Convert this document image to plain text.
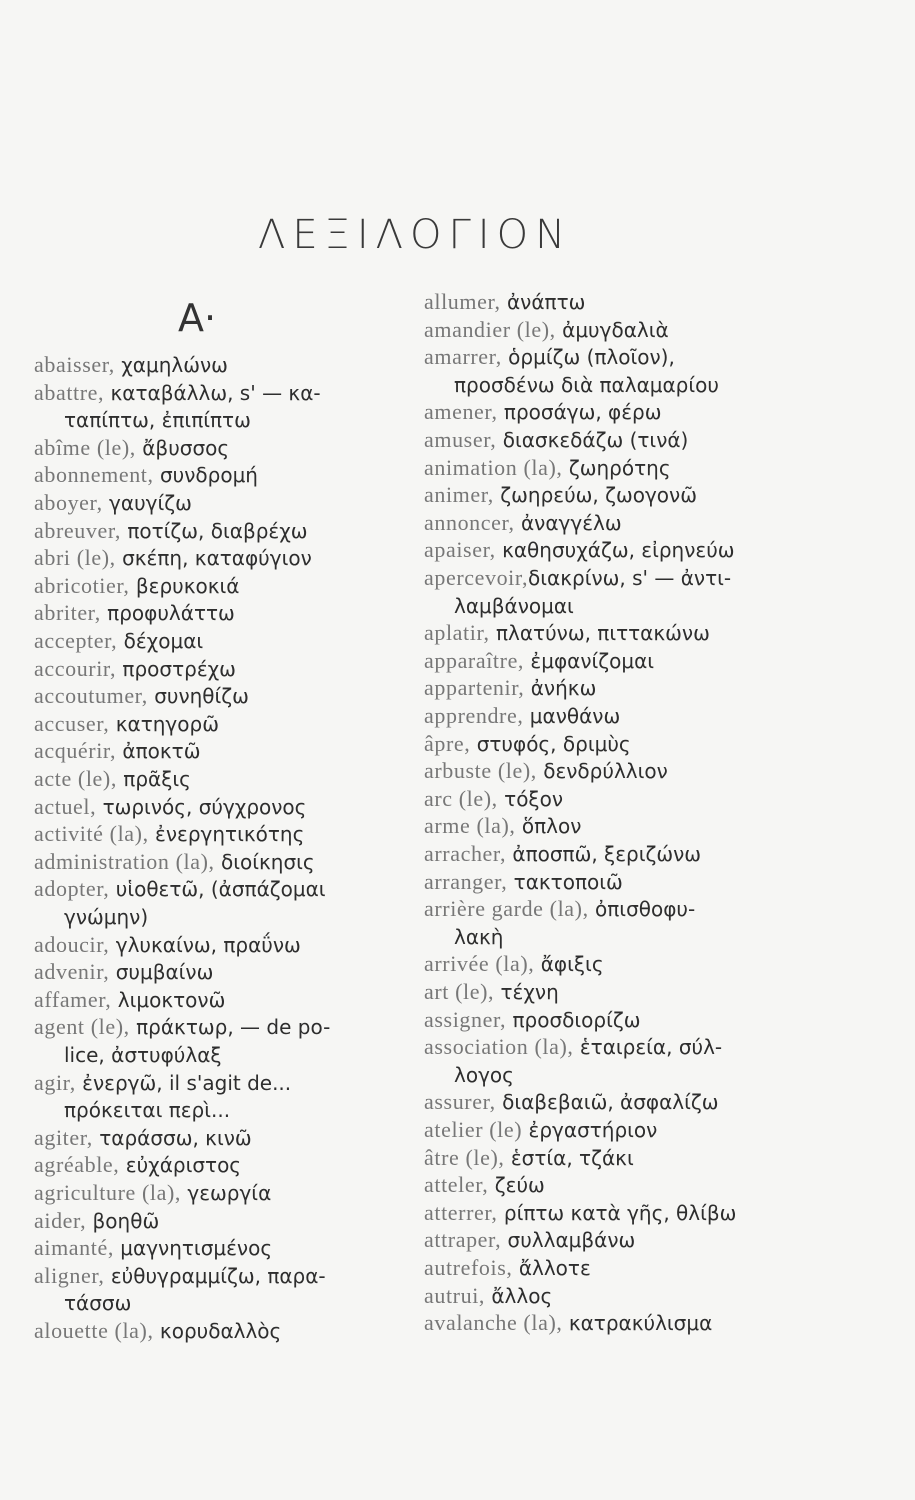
ΛΕΞΙΛΟΓΙΟΝ
A·
abaisser, χαμηλώνω
abattre, καταβάλλω, s' — κα-
ταπίπτω, ἐπιπίπτω
abîme (le), ἄβυσσος
abonnement, συνδρομή
aboyer, γαυγίζω
abreuver, ποτίζω, διαβρέχω
abri (le), σκέπη, καταφύγιον
abricotier, βερυκοκιά
abriter, προφυλάττω
accepter, δέχομαι
accourir, προστρέχω
accoutumer, συνηθίζω
accuser, κατηγορῶ
acquérir, ἀποκτῶ
acte (le), πρᾶξις
actuel, τωρινός, σύγχρονος
activité (la), ἐνεργητικότης
administration (la), διοίκησις
adopter, υἱοθετῶ, (ἀσπάζομαι
γνώμην)
adoucir, γλυκαίνω, πραΰνω
advenir, συμβαίνω
affamer, λιμοκτονῶ
agent (le), πράκτωρ, — de po-
lice, ἀστυφύλαξ
agir, ἐνεργῶ, il s'agit de...
πρόκειται περὶ...
agiter, ταράσσω, κινῶ
agréable, εὐχάριστος
agriculture (la), γεωργία
aider, βοηθῶ
aimanté, μαγνητισμένος
aligner, εὐθυγραμμίζω, παρα-
τάσσω
alouette (la), κορυδαλλὸς
allumer, ἀνάπτω
amandier (le), ἀμυγδαλιὰ
amarrer, ὁρμίζω (πλοῖον),
προσδένω διὰ παλαμαρίου
amener, προσάγω, φέρω
amuser, διασκεδάζω (τινά)
animation (la), ζωηρότης
animer, ζωηρεύω, ζωογονῶ
annoncer, ἀναγγέλω
apaiser, καθησυχάζω, εἰρηνεύω
apercevoir,διακρίνω, s' — ἀντι-
λαμβάνομαι
aplatir, πλατύνω, πιττακώνω
apparaître, ἐμφανίζομαι
appartenir, ἀνήκω
apprendre, μανθάνω
âpre, στυφός, δριμὺς
arbuste (le), δενδρύλλιον
arc (le), τόξον
arme (la), ὅπλον
arracher, ἀποσπῶ, ξεριζώνω
arranger, τακτοποιῶ
arrière garde (la), ὀπισθοφυ-
λακὴ
arrivée (la), ἄφιξις
art (le), τέχνη
assigner, προσδιορίζω
association (la), ἑταιρεία, σύλ-
λογος
assurer, διαβεβαιῶ, ἀσφαλίζω
atelier (le) ἐργαστήριον
âtre (le), ἑστία, τζάκι
atteler, ζεύω
atterrer, ρίπτω κατὰ γῆς, θλίβω
attraper, συλλαμβάνω
autrefois, ἄλλοτε
autrui, ἄλλος
avalanche (la), κατρακύλισμα
